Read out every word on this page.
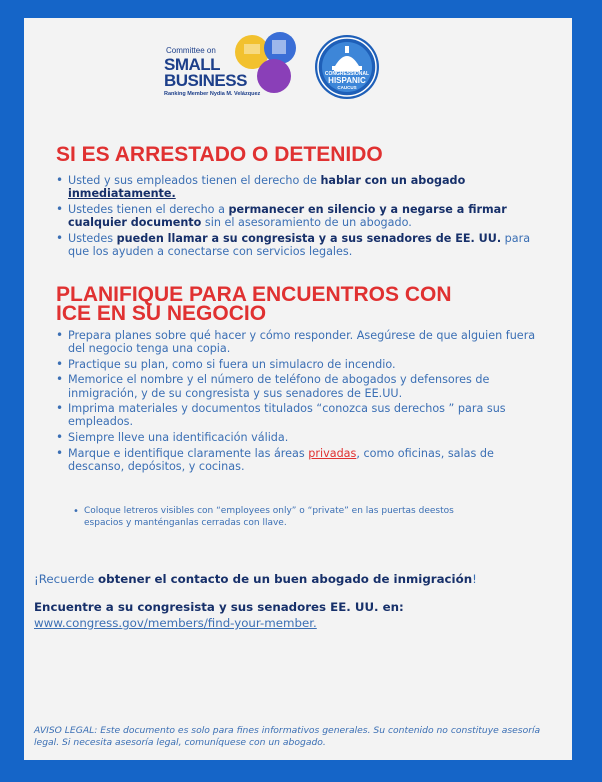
Committee on
SMALL
BUSINESS
Ranking Member Nydia M. Velázquez
CONGRESSIONAL
HISPANIC
CAUCUS
SI ES ARRESTADO O DETENIDO
• Usted y sus empleados tienen el derecho de hablar con un abogado inmediatamente.
• Ustedes tienen el derecho a permanecer en silencio y a negarse a firmar cualquier documento sin el asesoramiento de un abogado.
• Ustedes pueden llamar a su congresista y a sus senadores de EE. UU. para que los ayuden a conectarse con servicios legales.
PLANIFIQUE PARA ENCUENTROS CON
ICE EN SU NEGOCIO
• Prepara planes sobre qué hacer y cómo responder. Asegúrese de que alguien fuera del negocio tenga una copia.
• Practique su plan, como si fuera un simulacro de incendio.
• Memorice el nombre y el número de teléfono de abogados y defensores de inmigración, y de su congresista y sus senadores de EE.UU.
• Imprima materiales y documentos titulados “conozca sus derechos ” para sus empleados.
• Siempre lleve una identificación válida.
• Marque e identifique claramente las áreas privadas, como oficinas, salas de descanso, depósitos, y cocinas.
• Coloque letreros visibles con “employees only” o “private” en las puertas deestos espacios y manténganlas cerradas con llave.
¡Recuerde obtener el contacto de un buen abogado de inmigración!
Encuentre a su congresista y sus senadores EE. UU. en:
www.congress.gov/members/find-your-member.
AVISO LEGAL: Este documento es solo para fines informativos generales. Su contenido no constituye asesoría legal. Si necesita asesoría legal, comuníquese con un abogado.
